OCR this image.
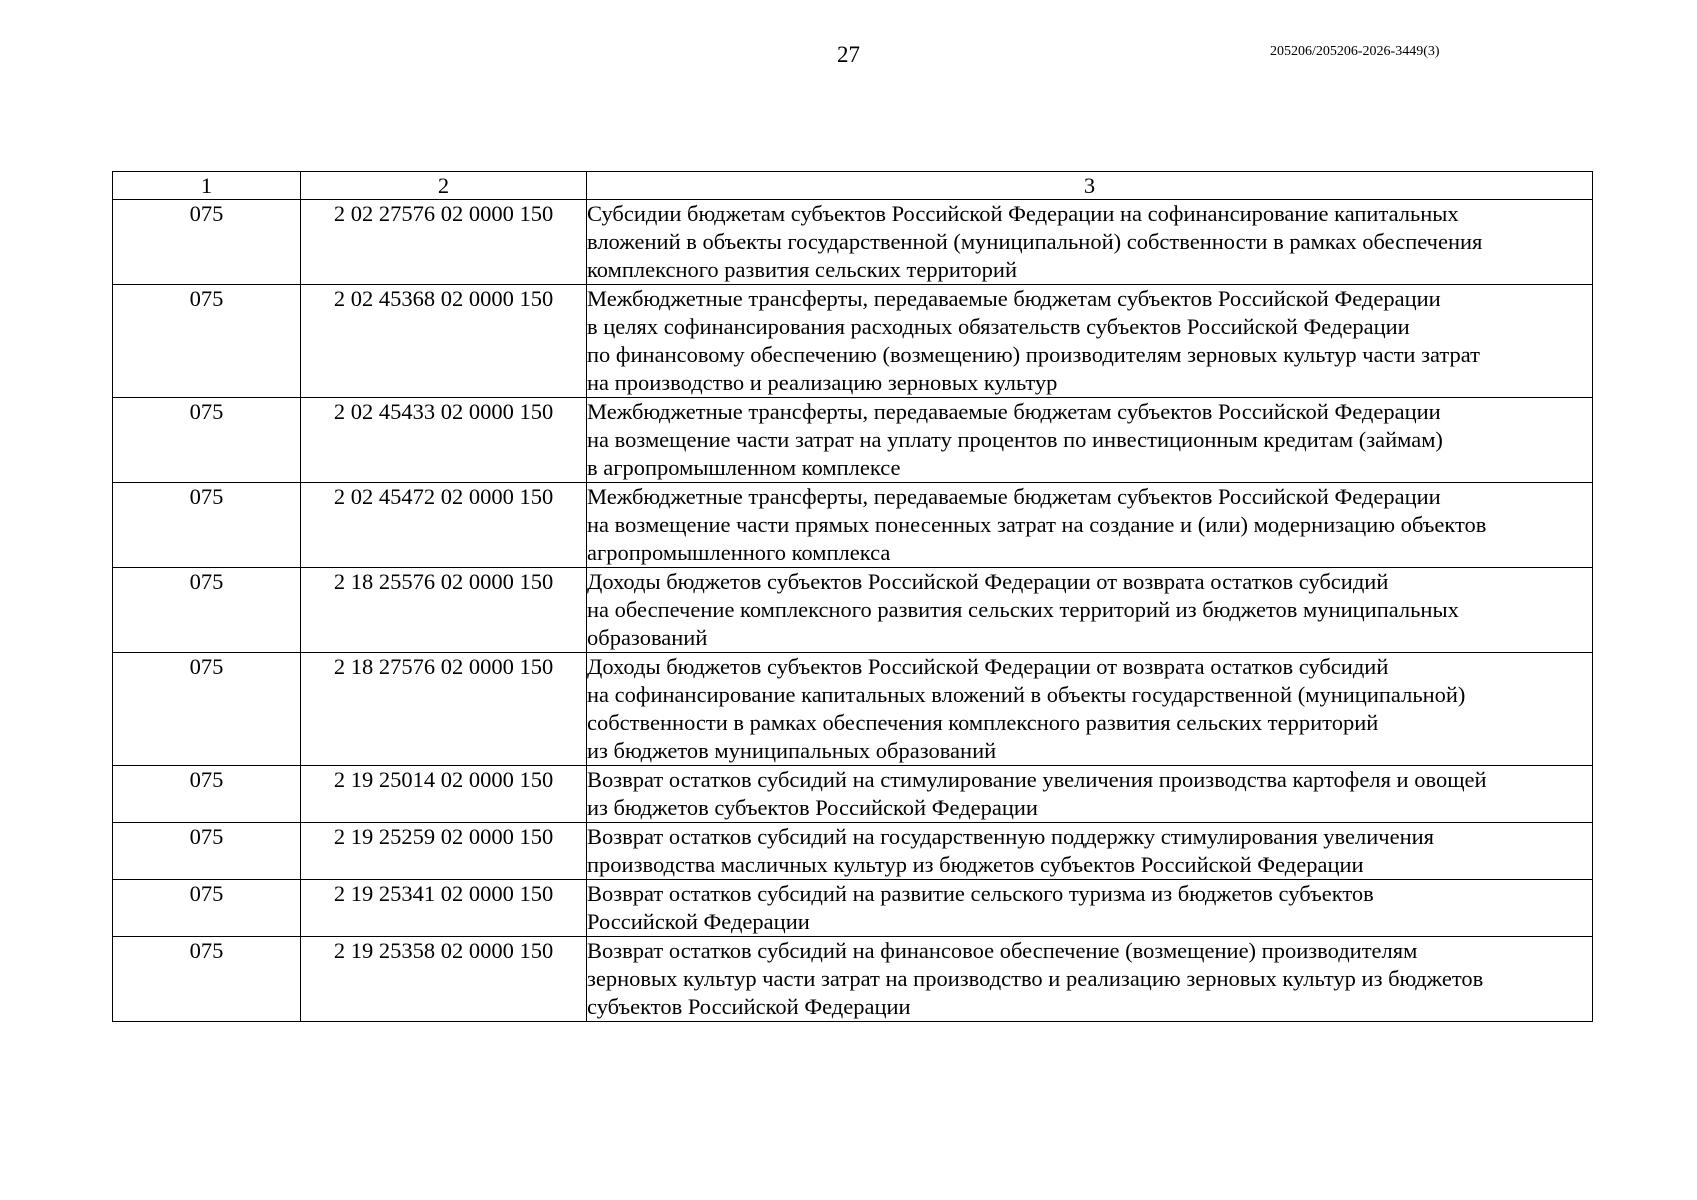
27	205206/205206-2026-3449(3)
1	2	3
075	2 02 27576 02 0000 150	Субсидии бюджетам субъектов Российской Федерации на софинансирование капитальных
вложений в объекты государственной (муниципальной) собственности в рамках обеспечения
комплексного развития сельских территорий

075	2 02 45368 02 0000 150	Межбюджетные трансферты, передаваемые бюджетам субъектов Российской Федерации
в целях софинансирования расходных обязательств субъектов Российской Федерации
по финансовому обеспечению (возмещению) производителям зерновых культур части затрат
на производство и реализацию зерновых культур

075	2 02 45433 02 0000 150	Межбюджетные трансферты, передаваемые бюджетам субъектов Российской Федерации
на возмещение части затрат на уплату процентов по инвестиционным кредитам (займам)
в агропромышленном комплексе

075	2 02 45472 02 0000 150	Межбюджетные трансферты, передаваемые бюджетам субъектов Российской Федерации
на возмещение части прямых понесенных затрат на создание и (или) модернизацию объектов
агропромышленного комплекса

075	2 18 25576 02 0000 150	Доходы бюджетов субъектов Российской Федерации от возврата остатков субсидий
на обеспечение комплексного развития сельских территорий из бюджетов муниципальных
образований

075	2 18 27576 02 0000 150	Доходы бюджетов субъектов Российской Федерации от возврата остатков субсидий
на софинансирование капитальных вложений в объекты государственной (муниципальной)
собственности в рамках обеспечения комплексного развития сельских территорий
из бюджетов муниципальных образований

075	2 19 25014 02 0000 150	Возврат остатков субсидий на стимулирование увеличения производства картофеля и овощей
из бюджетов субъектов Российской Федерации

075	2 19 25259 02 0000 150	Возврат остатков субсидий на государственную поддержку стимулирования увеличения
производства масличных культур из бюджетов субъектов Российской Федерации

075	2 19 25341 02 0000 150	Возврат остатков субсидий на развитие сельского туризма из бюджетов субъектов
Российской Федерации

075	2 19 25358 02 0000 150	Возврат остатков субсидий на финансовое обеспечение (возмещение) производителям
зерновых культур части затрат на производство и реализацию зерновых культур из бюджетов
субъектов Российской Федерации
